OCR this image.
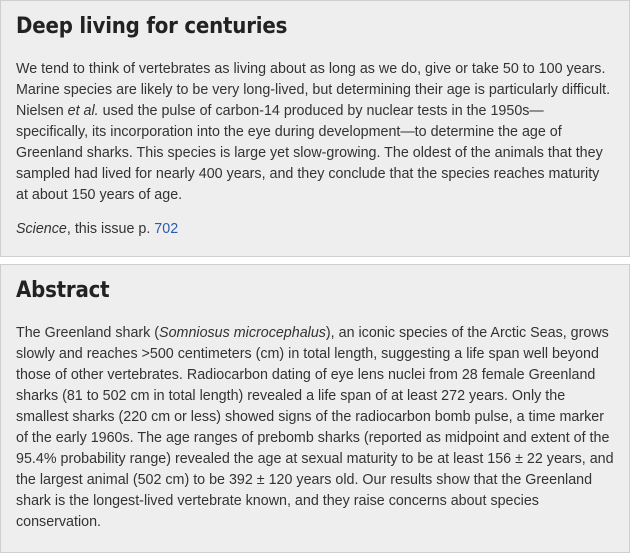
Deep living for centuries

We tend to think of vertebrates as living about as long as we do, give or take 50 to 100 years. Marine species are likely to be very long-lived, but determining their age is particularly difficult. Nielsen et al. used the pulse of carbon-14 produced by nuclear tests in the 1950s—specifically, its incorporation into the eye during development—to determine the age of Greenland sharks. This species is large yet slow-growing. The oldest of the animals that they sampled had lived for nearly 400 years, and they conclude that the species reaches maturity at about 150 years of age.

Science, this issue p. 702

Abstract

The Greenland shark (Somniosus microcephalus), an iconic species of the Arctic Seas, grows slowly and reaches >500 centimeters (cm) in total length, suggesting a life span well beyond those of other vertebrates. Radiocarbon dating of eye lens nuclei from 28 female Greenland sharks (81 to 502 cm in total length) revealed a life span of at least 272 years. Only the smallest sharks (220 cm or less) showed signs of the radiocarbon bomb pulse, a time marker of the early 1960s. The age ranges of prebomb sharks (reported as midpoint and extent of the 95.4% probability range) revealed the age at sexual maturity to be at least 156 ± 22 years, and the largest animal (502 cm) to be 392 ± 120 years old. Our results show that the Greenland shark is the longest-lived vertebrate known, and they raise concerns about species conservation.
